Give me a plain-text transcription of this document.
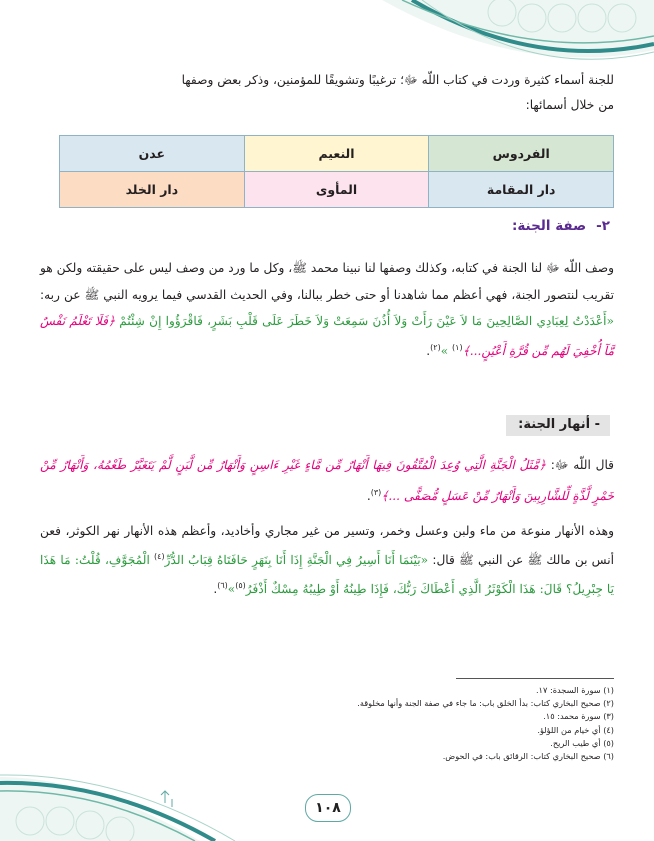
للجنة أسماء كثيرة وردت في كتاب اللّه ﷻ؛ ترغيبًا وتشويقًا للمؤمنين، وذكر بعض وصفها
من خلال أسمائها:

الفردوس	النعيم	عدن
دار المقامة	المأوى	دار الخلد
٢-صفة الجنة:

وصف اللّه ﷻ لنا الجنة في كتابه، وكذلك وصفها لنا نبينا محمد ﷺ، وكل ما ورد من وصف ليس على حقيقته ولكن هو تقريب لنتصور الجنة، فهي أعظم مما شاهدنا أو حتى خطر ببالنا، وفي الحديث القدسي فيما يرويه النبي ﷺ عن ربه: «أَعْدَدْتُ لِعِبَادِي الصَّالِحِينَ مَا لاَ عَيْنَ رَأَتْ وَلاَ أُذُنَ سَمِعَتْ وَلاَ خَطَرَ عَلَى قَلْبِ بَشَرٍ، فَاقْرَؤُوا إِنْ شِئْتُمْ ﴿فَلَا تَعْلَمُ نَفْسٌ مَّآ أُخْفِيَ لَهُم مِّن قُرَّةِ أَعْيُنٍ...﴾$^{(١)}$ »$^{(٢)}$.

- أنهار الجنة:

قال اللّه ﷻ: ﴿مَّثَلُ الْجَنَّةِ الَّتِي وُعِدَ الْمُتَّقُونَ فِيهَا أَنْهَارٌ مِّن مَّاءٍ غَيْرِ ءَاسِنٍ وَأَنْهَارٌ مِّن لَّبَنٍ لَّمْ يَتَغَيَّرْ طَعْمُهُ، وَأَنْهَارٌ مِّنْ خَمْرٍ لَّذَّةٍ لِّلشَّارِبِينَ وَأَنْهَارٌ مِّنْ عَسَلٍ مُّصَفًّى ...﴾$^{(٣)}$.

وهذه الأنهار منوعة من ماء ولبن وعسل وخمر، وتسير من غير مجاري وأخاديد، وأعظم هذه الأنهار نهر الكوثر، فعن أنس بن مالك ﷺ عن النبي ﷺ قال: «بَيْنَمَا أَنَا أَسِيرُ فِي الْجَنَّةِ إِذَا أَنَا بِنَهَرٍ حَافَتَاهُ قِبَابُ الدُّرِّ$^{(٤)}$ الْمُجَوَّفِ، قُلْتُ: مَا هَذَا يَا جِبْرِيلُ؟ قَالَ: هَذَا الْكَوْثَرُ الَّذِي أَعْطَاكَ رَبُّكَ، فَإِذَا طِينُهُ أَوْ طِيبُهُ مِسْكٌ أَذْفَرُ$^{(٥)}$»$^{(٦)}$.

(١) سورة السجدة: ١٧.
(٢) صحيح البخاري كتاب: بدأ الخلق باب: ما جاء في صفة الجنة وأنها مخلوقة.
(٣) سورة محمد: ١٥.
(٤) أي خيام من اللؤلؤ.
(٥) أي طيب الريح.
(٦) صحيح البخاري كتاب: الرقائق باب: في الحوض.
١٠٨
